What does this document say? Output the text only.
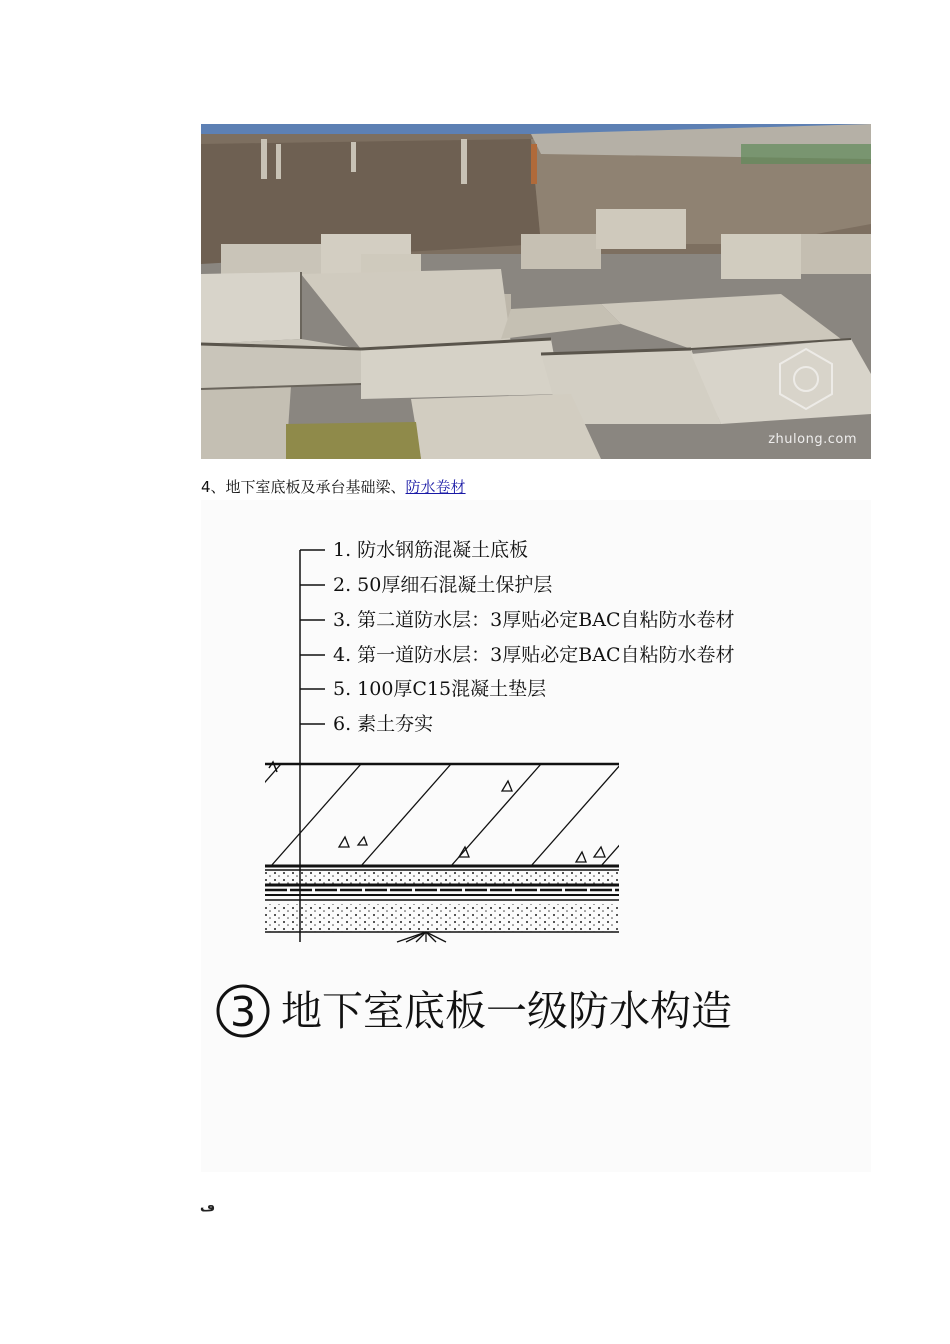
zhulong.com
4、地下室底板及承台基础梁、防水卷材
1. 防水钢筋混凝土底板
2. 50厚细石混凝土保护层
3. 第二道防水层：3厚贴必定BAC自粘防水卷材
4. 第一道防水层：3厚贴必定BAC自粘防水卷材
5. 100厚C15混凝土垫层
6. 素土夯实
3 地下室底板一级防水构造
ڡ
